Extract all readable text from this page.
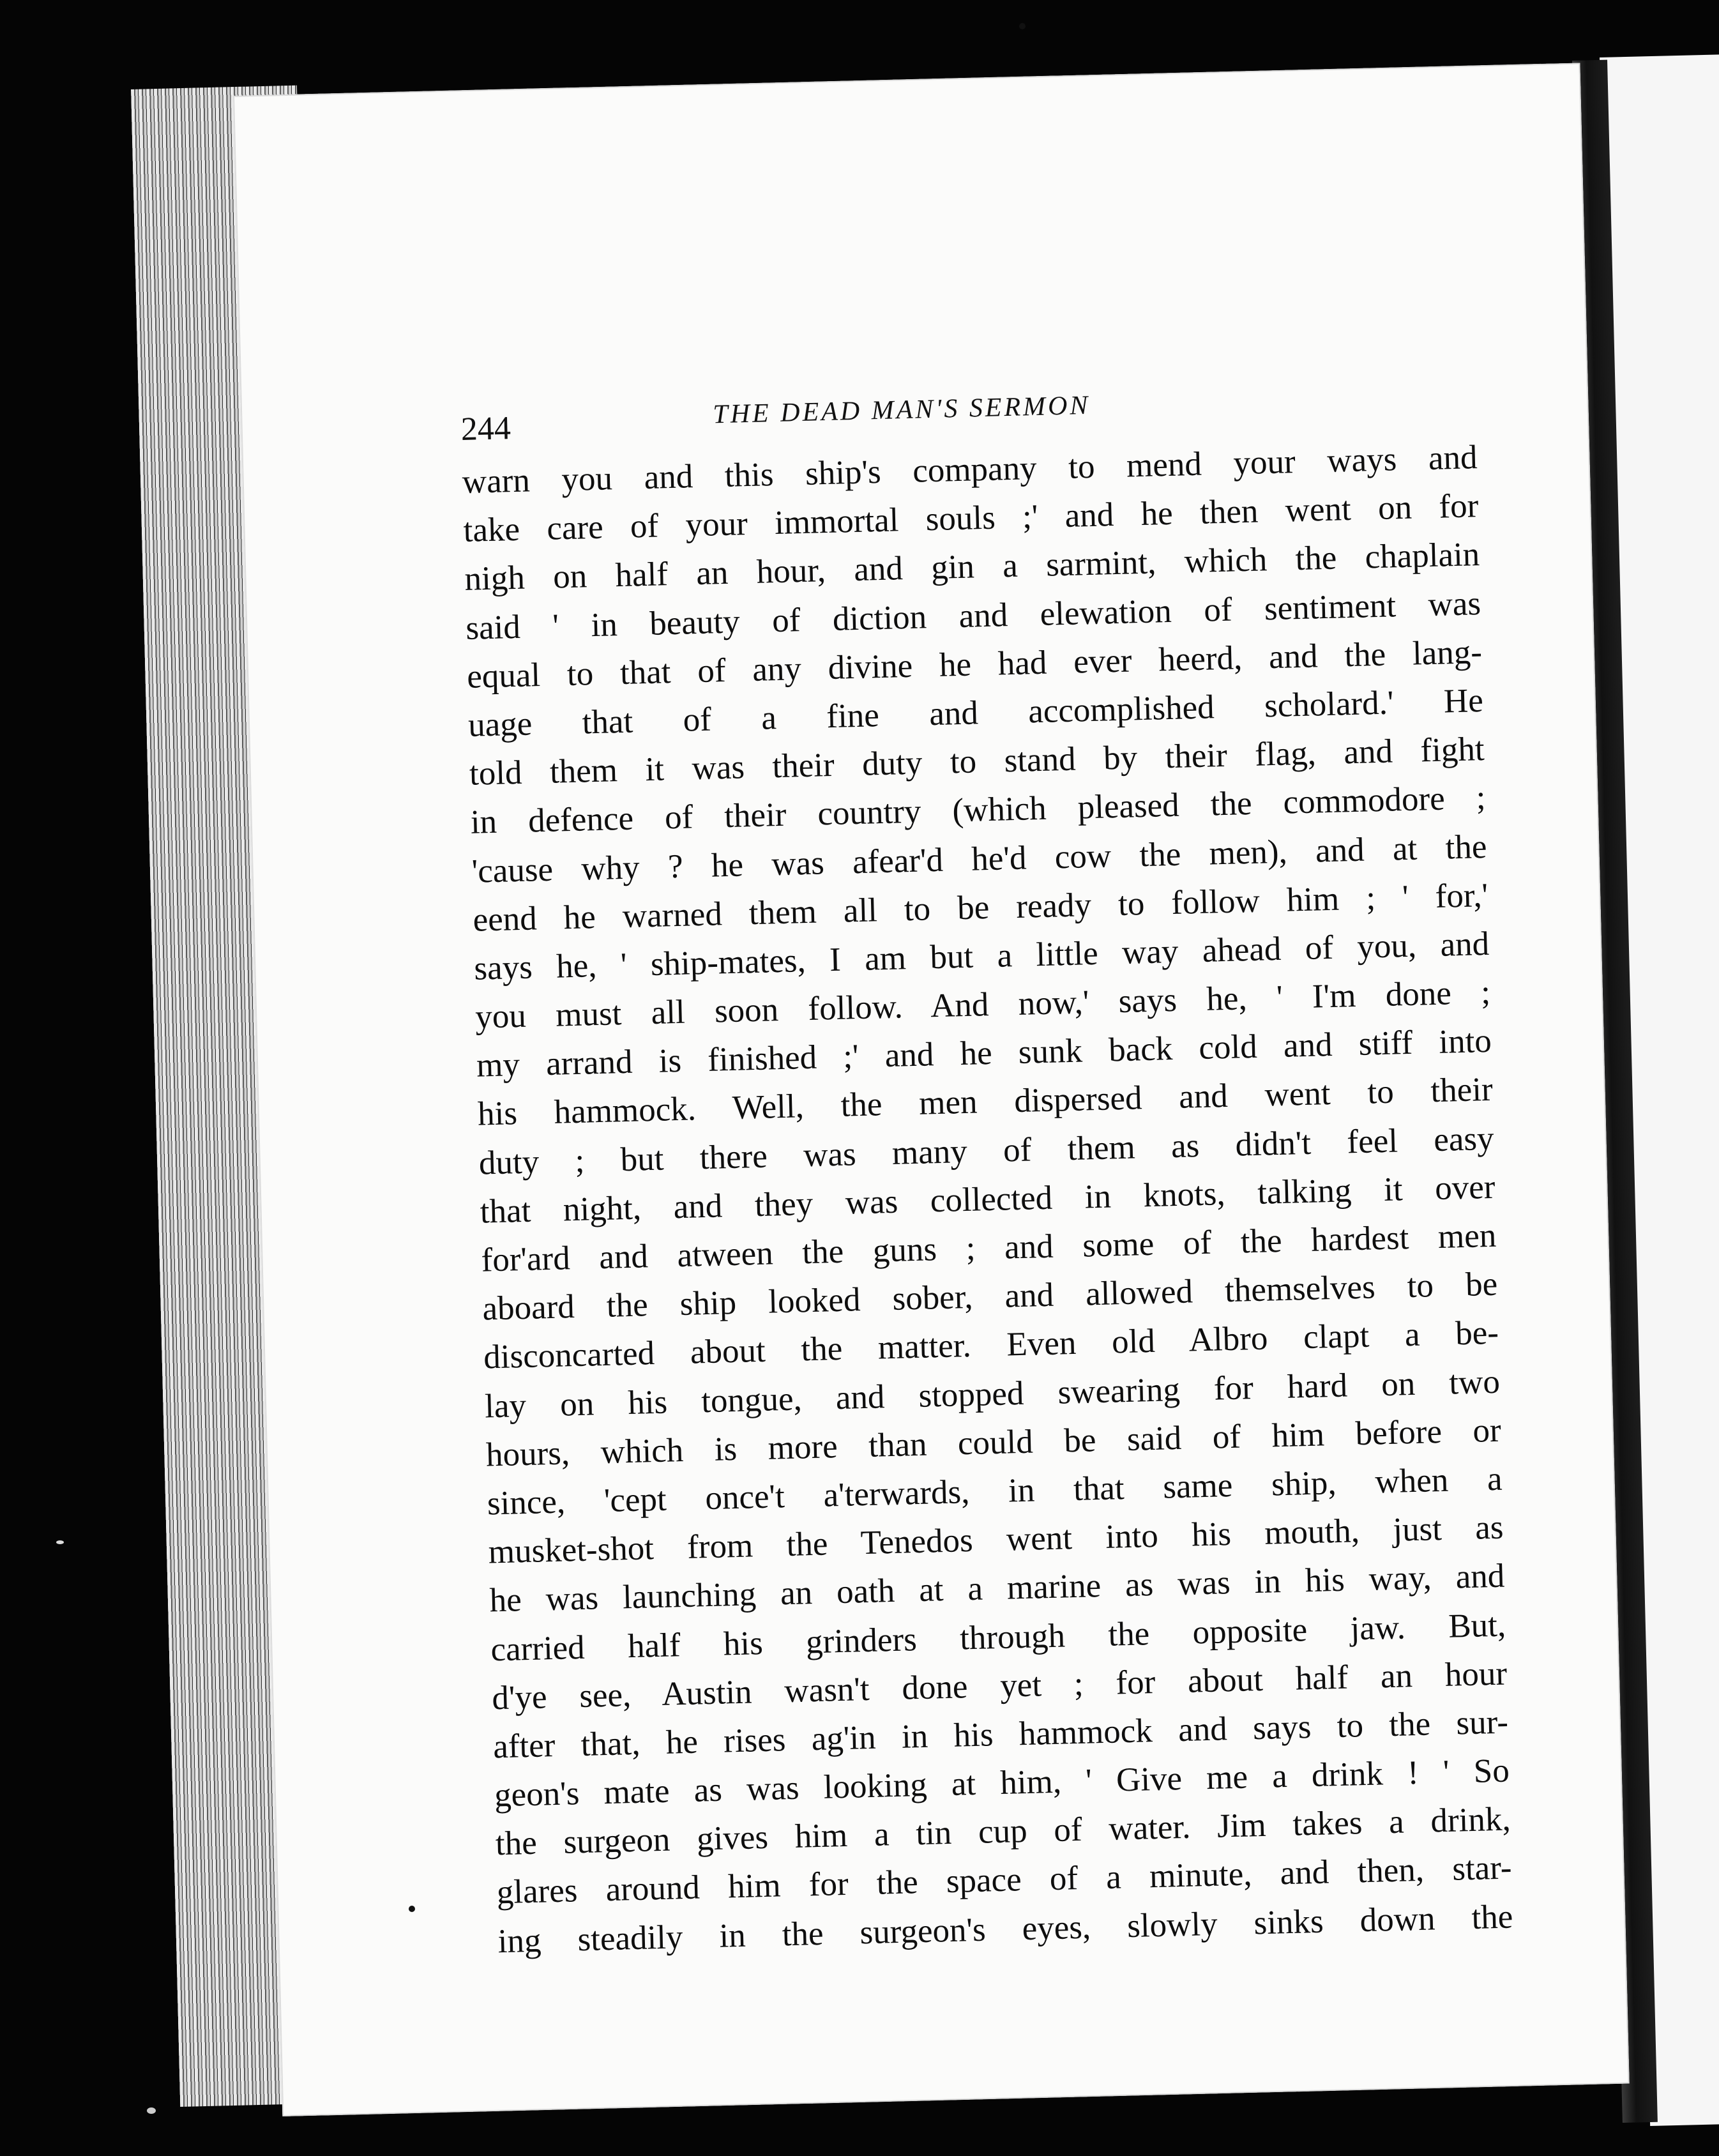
244	THE DEAD MAN'S SERMON
warn you and this ship's company to mend your ways and
take care of your immortal souls ;' and he then went on for
nigh on half an hour, and gin a sarmint, which the chaplain
said ' in beauty of diction and elewation of sentiment was
equal to that of any divine he had ever heerd, and the lang-
uage that of a fine and accomplished scholard.' He
told them it was their duty to stand by their flag, and fight
in defence of their country (which pleased the commodore ;
'cause why ? he was afear'd he'd cow the men), and at the
eend he warned them all to be ready to follow him ; ' for,'
says he, ' ship-mates, I am but a little way ahead of you, and
you must all soon follow. And now,' says he, ' I'm done ;
my arrand is finished ;' and he sunk back cold and stiff into
his hammock. Well, the men dispersed and went to their
duty ; but there was many of them as didn't feel easy
that night, and they was collected in knots, talking it over
for'ard and atween the guns ; and some of the hardest men
aboard the ship looked sober, and allowed themselves to be
disconcarted about the matter. Even old Albro clapt a be-
lay on his tongue, and stopped swearing for hard on two
hours, which is more than could be said of him before or
since, 'cept once't a'terwards, in that same ship, when a
musket-shot from the Tenedos went into his mouth, just as
he was launching an oath at a marine as was in his way, and
carried half his grinders through the opposite jaw. But,
d'ye see, Austin wasn't done yet ; for about half an hour
after that, he rises ag'in in his hammock and says to the sur-
geon's mate as was looking at him, ' Give me a drink ! ' So
the surgeon gives him a tin cup of water. Jim takes a drink,
glares around him for the space of a minute, and then, star-
ing steadily in the surgeon's eyes, slowly sinks down the
